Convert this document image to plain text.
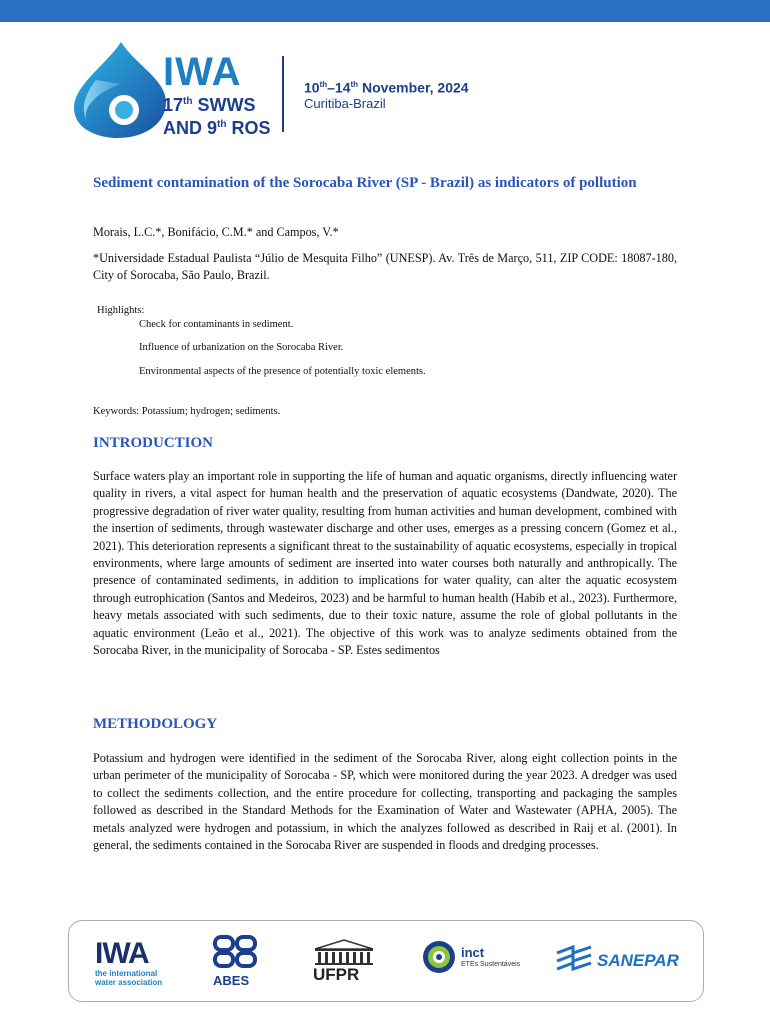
IWA
17th SWWS
AND 9th ROS
10th–14th November, 2024
Curitiba-Brazil
Sediment contamination of the Sorocaba River (SP - Brazil) as indicators of pollution
Morais, L.C.*, Bonifácio, C.M.* and Campos, V.*
*Universidade Estadual Paulista “Júlio de Mesquita Filho” (UNESP). Av. Três de Março, 511, ZIP CODE: 18087-180, City of Sorocaba, São Paulo, Brazil.
Highlights:
Check for contaminants in sediment.
Influence of urbanization on the Sorocaba River.
Environmental aspects of the presence of potentially toxic elements.
Keywords: Potassium; hydrogen; sediments.
INTRODUCTION
Surface waters play an important role in supporting the life of human and aquatic organisms, directly influencing water quality in rivers, a vital aspect for human health and the preservation of aquatic ecosystems (Dandwate, 2020). The progressive degradation of river water quality, resulting from human activities and human development, combined with the insertion of sediments, through wastewater discharge and other uses, emerges as a pressing concern (Gomez et al., 2021). This deterioration represents a significant threat to the sustainability of aquatic ecosystems, especially in tropical environments, where large amounts of sediment are inserted into water courses both naturally and anthropically. The presence of contaminated sediments, in addition to implications for water quality, can alter the aquatic ecosystem through eutrophication (Santos and Medeiros, 2023) and be harmful to human health (Habib et al., 2023). Furthermore, heavy metals associated with such sediments, due to their toxic nature, assume the role of global pollutants in the aquatic environment (Leão et al., 2021). The objective of this work was to analyze sediments obtained from the Sorocaba River, in the municipality of Sorocaba - SP. Estes sedimentos
METHODOLOGY
Potassium and hydrogen were identified in the sediment of the Sorocaba River, along eight collection points in the urban perimeter of the municipality of Sorocaba - SP, which were monitored during the year 2023. A dredger was used to collect the sediments collection, and the entire procedure for collecting, transporting and packaging the samples followed as described in the Standard Methods for the Examination of Water and Wastewater (APHA, 2005). The metals analyzed were hydrogen and potassium, in which the analyzes followed as described in Raij et al. (2001). In general, the sediments contained in the Sorocaba River are suspended in floods and dredging processes.
IWA
the international
water association	ABES	UFPR
inct
ETEs Sustentáveis	SANEPAR
